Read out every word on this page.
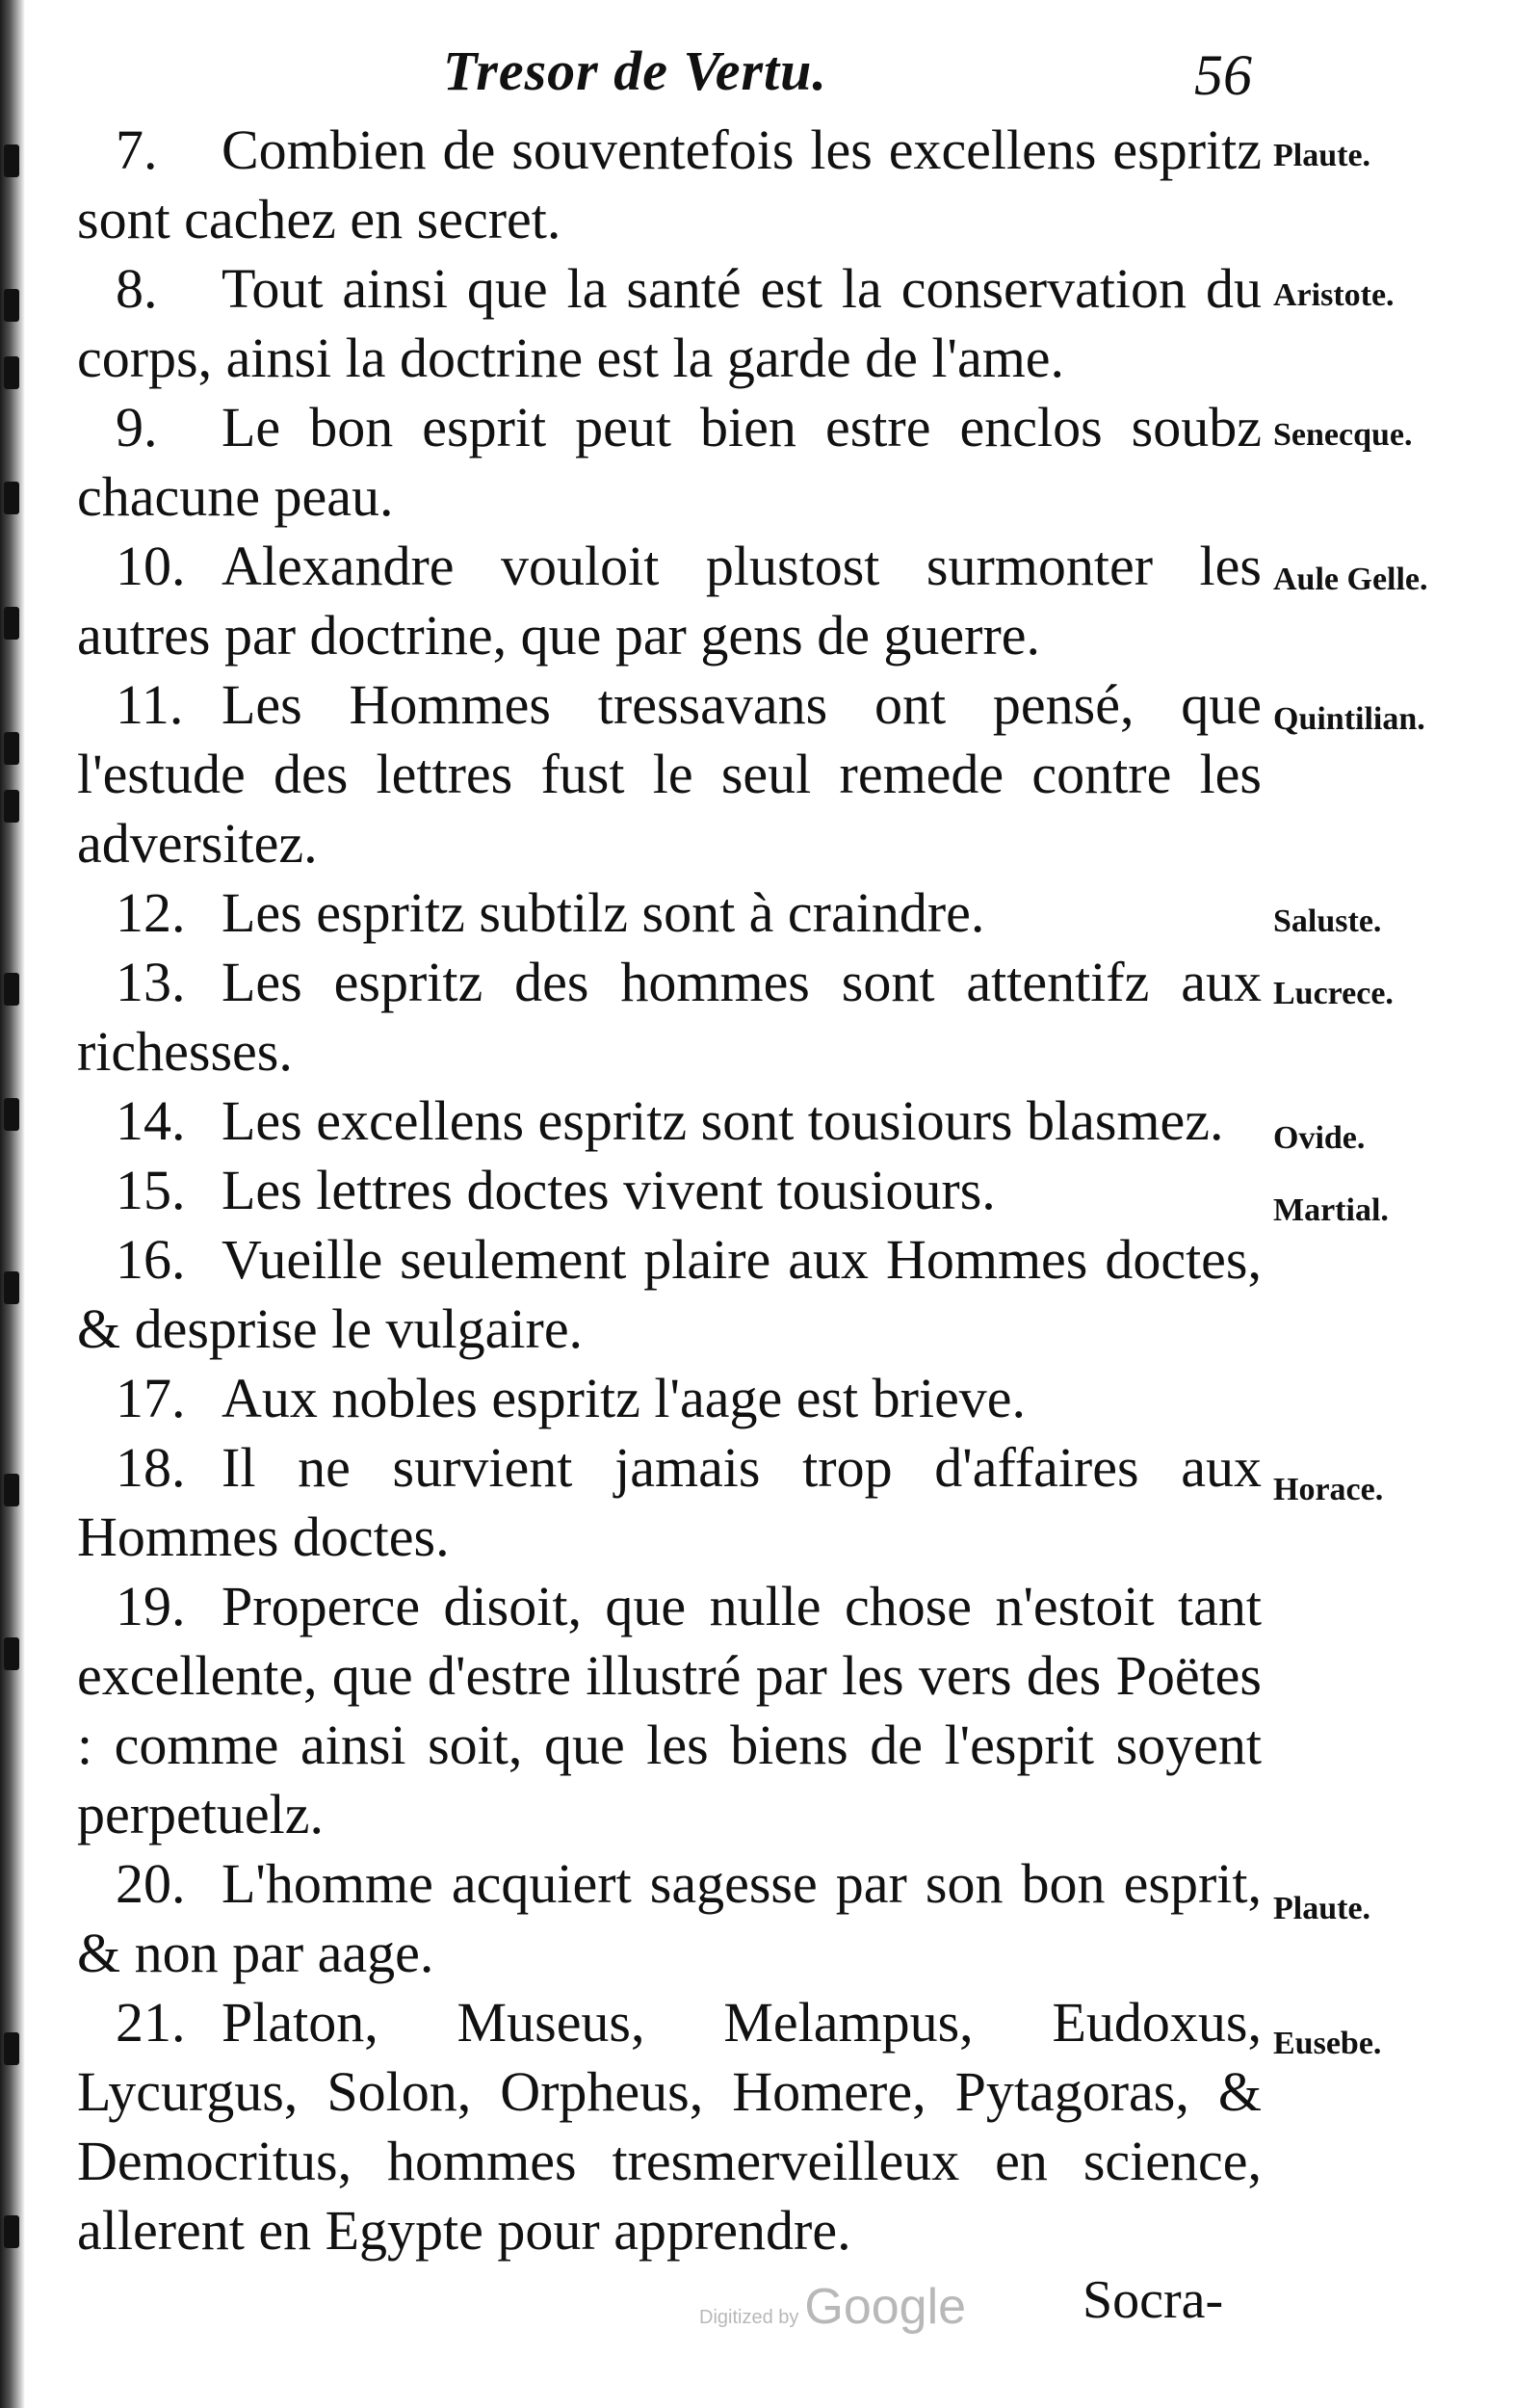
Tresor de Vertu.	56

7. Combien de souventefois les excellens espritz sont cachez en secret.

8. Tout ainsi que la santé est la conservation du corps, ainsi la doctrine est la garde de l'ame.

9. Le bon esprit peut bien estre enclos soubz chacune peau.

10. Alexandre vouloit plustost surmonter les autres par doctrine, que par gens de guerre.

11. Les Hommes tressavans ont pensé, que l'estude des lettres fust le seul remede contre les adversitez.

12. Les espritz subtilz sont à craindre.

13. Les espritz des hommes sont attentifz aux richesses.

14. Les excellens espritz sont tousiours blasmez.

15. Les lettres doctes vivent tousiours.

16. Vueille seulement plaire aux Hommes doctes, & desprise le vulgaire.

17. Aux nobles espritz l'aage est brieve.

18. Il ne survient jamais trop d'affaires aux Hommes doctes.

19. Properce disoit, que nulle chose n'estoit tant excellente, que d'estre illustré par les vers des Poëtes : comme ainsi soit, que les biens de l'esprit soyent perpetuelz.

20. L'homme acquiert sagesse par son bon esprit, & non par aage.

21. Platon, Museus, Melampus, Eudoxus, Lycurgus, Solon, Orpheus, Homere, Pytagoras, & Democritus, hommes tresmerveilleux en science, allerent en Egypte pour apprendre.

Plaute.
Aristote.
Senecque.
Aule Gelle.
Quintilian.
Saluste.
Lucrece.
Ovide.
Martial.
Horace.
Plaute.
Eusebe.
Digitized by Google Socra-
